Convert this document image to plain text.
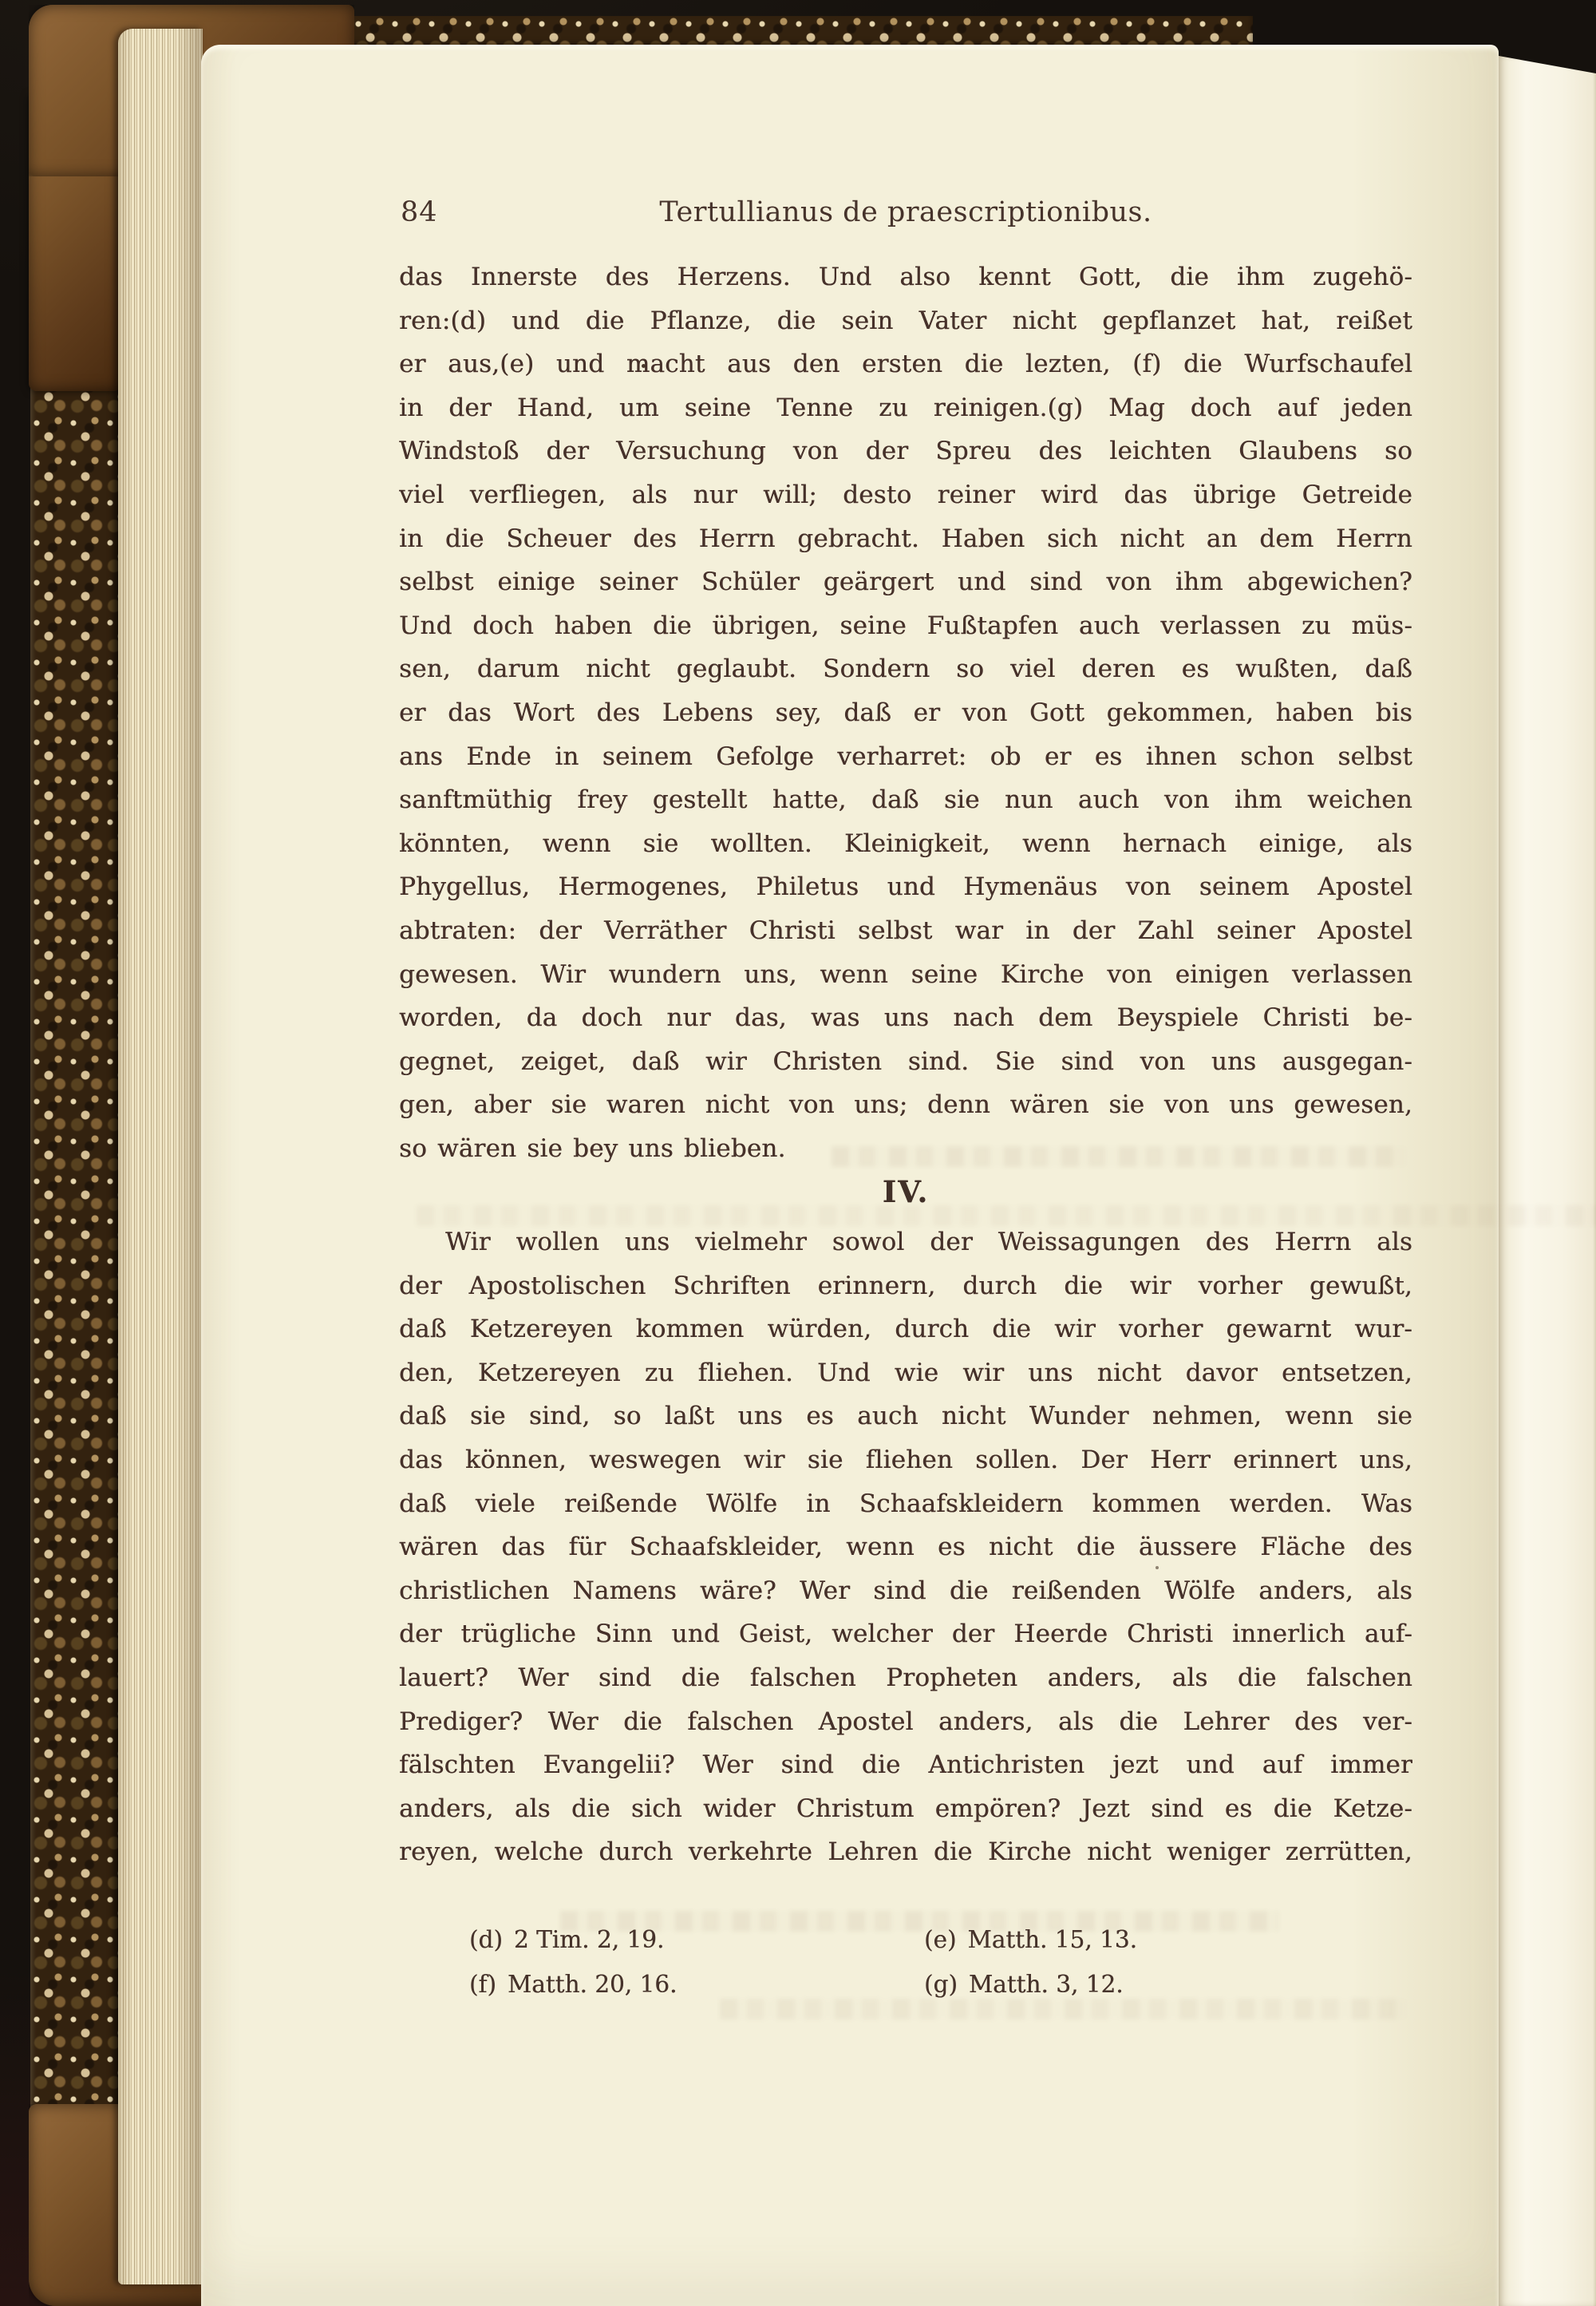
84	Tertullianus de praescriptionibus.
das Innerste des Herzens. Und also kennt Gott, die ihm zugehö-
ren:(d) und die Pflanze, die sein Vater nicht gepflanzet hat, reißet
er aus,(e) und macht aus den ersten die lezten, (f) die Wurfschaufel
in der Hand, um seine Tenne zu reinigen.(g) Mag doch auf jeden
Windstoß der Versuchung von der Spreu des leichten Glaubens so
viel verfliegen, als nur will; desto reiner wird das übrige Getreide
in die Scheuer des Herrn gebracht. Haben sich nicht an dem Herrn
selbst einige seiner Schüler geärgert und sind von ihm abgewichen?
Und doch haben die übrigen, seine Fußtapfen auch verlassen zu müs-
sen, darum nicht geglaubt. Sondern so viel deren es wußten, daß
er das Wort des Lebens sey, daß er von Gott gekommen, haben bis
ans Ende in seinem Gefolge verharret: ob er es ihnen schon selbst
sanftmüthig frey gestellt hatte, daß sie nun auch von ihm weichen
könnten, wenn sie wollten. Kleinigkeit, wenn hernach einige, als
Phygellus, Hermogenes, Philetus und Hymenäus von seinem Apostel
abtraten: der Verräther Christi selbst war in der Zahl seiner Apostel
gewesen. Wir wundern uns, wenn seine Kirche von einigen verlassen
worden, da doch nur das, was uns nach dem Beyspiele Christi be-
gegnet, zeiget, daß wir Christen sind. Sie sind von uns ausgegan-
gen, aber sie waren nicht von uns; denn wären sie von uns gewesen,
so wären sie bey uns blieben.
IV.
Wir wollen uns vielmehr sowol der Weissagungen des Herrn als
der Apostolischen Schriften erinnern, durch die wir vorher gewußt,
daß Ketzereyen kommen würden, durch die wir vorher gewarnt wur-
den, Ketzereyen zu fliehen. Und wie wir uns nicht davor entsetzen,
daß sie sind, so laßt uns es auch nicht Wunder nehmen, wenn sie
das können, weswegen wir sie fliehen sollen. Der Herr erinnert uns,
daß viele reißende Wölfe in Schaafskleidern kommen werden. Was
wären das für Schaafskleider, wenn es nicht die äussere Fläche des
christlichen Namens wäre? Wer sind die reißenden Wölfe anders, als
der trügliche Sinn und Geist, welcher der Heerde Christi innerlich auf-
lauert? Wer sind die falschen Propheten anders, als die falschen
Prediger? Wer die falschen Apostel anders, als die Lehrer des ver-
fälschten Evangelii? Wer sind die Antichristen jezt und auf immer
anders, als die sich wider Christum empören? Jezt sind es die Ketze-
reyen, welche durch verkehrte Lehren die Kirche nicht weniger zerrütten,
(d) 2 Tim. 2, 19.	(e) Matth. 15, 13.
(f) Matth. 20, 16.	(g) Matth. 3, 12.
